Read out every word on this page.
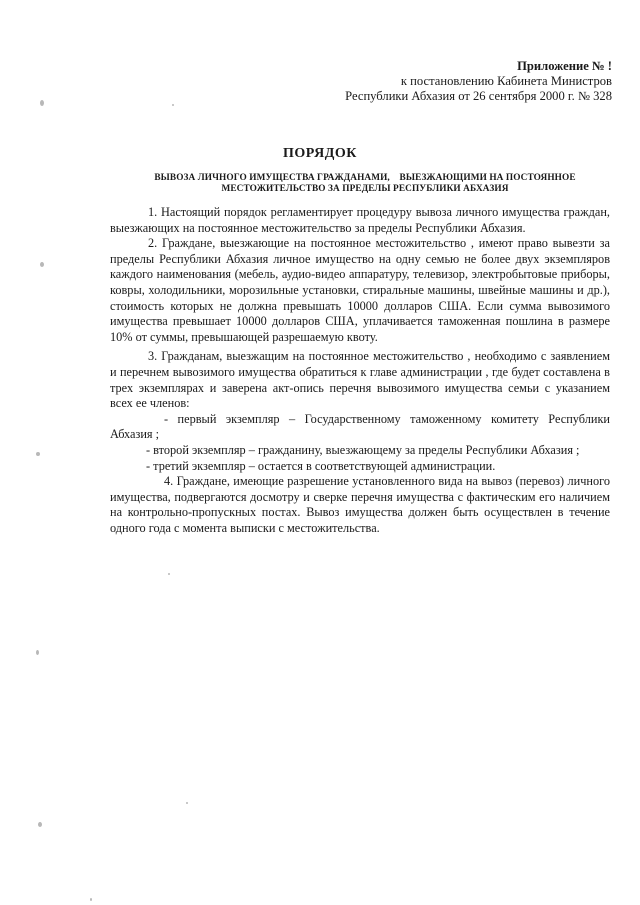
Приложение № !
к постановлению Кабинета Министров
Республики Абхазия от 26 сентября 2000 г. № 328
ПОРЯДОК
ВЫВОЗА ЛИЧНОГО ИМУЩЕСТВА ГРАЖДАНАМИ,    ВЫЕЗЖАЮЩИМИ НА ПОСТОЯННОЕ
МЕСТОЖИТЕЛЬСТВО ЗА ПРЕДЕЛЫ РЕСПУБЛИКИ АБХАЗИЯ

1. Настоящий порядок регламентирует процедуру вывоза личного имущества граждан, выезжающих на постоянное местожительство за пределы Республики Абхазия.

2. Граждане, выезжающие на постоянное местожительство , имеют право вывезти за пределы Республики Абхазия личное имущество на одну семью не более двух экземпляров каждого наименования (мебель, аудио-видео аппаратуру, телевизор, электробытовые приборы, ковры, холодильники, морозильные установки, стиральные машины, швейные машины и др.), стоимость которых не должна превышать 10000 долларов США. Если сумма вывозимого имущества превышает 10000 долларов США, уплачивается таможенная пошлина в размере 10% от суммы, превышающей разрешаемую квоту.

3. Гражданам, выезжащим на постоянное местожительство , необходимо с заявлением и перечнем вывозимого имущества обратиться к главе администрации , где будет составлена в трех экземплярах и заверена акт-опись перечня вывозимого имущества семьи с указанием всех ее членов:

- первый экземпляр – Государственному таможенному комитету Республики Абхазия ;

- второй экземпляр – гражданину, выезжающему за пределы Республики Абхазия ;

- третий экземпляр – остается в соответствующей администрации.

4. Граждане, имеющие разрешение установленного вида на вывоз (перевоз) личного имущества, подвергаются досмотру и сверке перечня имущества с фактическим его наличием на контрольно-пропускных постах. Вывоз имущества должен быть осуществлен в течение одного года с момента выписки с местожительства.
